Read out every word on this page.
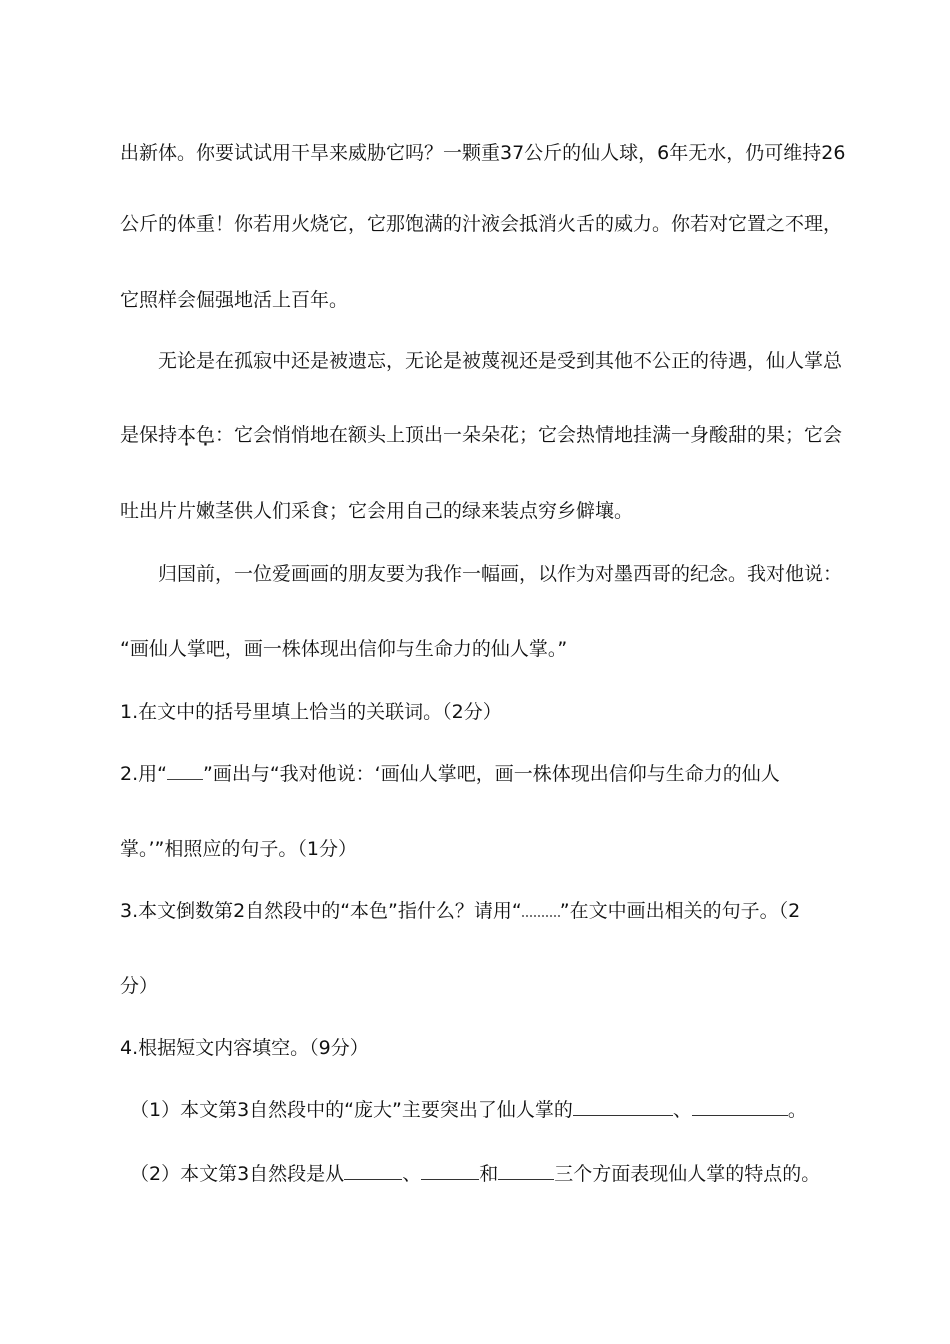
出新体。你要试试用干旱来威胁它吗？一颗重37公斤的仙人球，6年无水，仍可维持26
公斤的体重！你若用火烧它，它那饱满的汁液会抵消火舌的威力。你若对它置之不理，
它照样会倔强地活上百年。
无论是在孤寂中还是被遗忘，无论是被蔑视还是受到其他不公正的待遇，仙人掌总
是保持本色：它会悄悄地在额头上顶出一朵朵花；它会热情地挂满一身酸甜的果；它会
吐出片片嫩茎供人们采食；它会用自己的绿来装点穷乡僻壤。
归国前，一位爱画画的朋友要为我作一幅画，以作为对墨西哥的纪念。我对他说：
“画仙人掌吧，画一株体现出信仰与生命力的仙人掌。”
1.在文中的括号里填上恰当的关联词。（2分）
2.用“ ”画出与“我对他说：‘画仙人掌吧，画一株体现出信仰与生命力的仙人
掌。’”相照应的句子。（1分）
3.本文倒数第2自然段中的“本色”指什么？请用“ ”在文中画出相关的句子。（2
分）
4.根据短文内容填空。（9分）
（1）本文第3自然段中的“庞大”主要突出了仙人掌的	、	。
（2）本文第3自然段是从	、	和	三个方面表现仙人掌的特点的。
